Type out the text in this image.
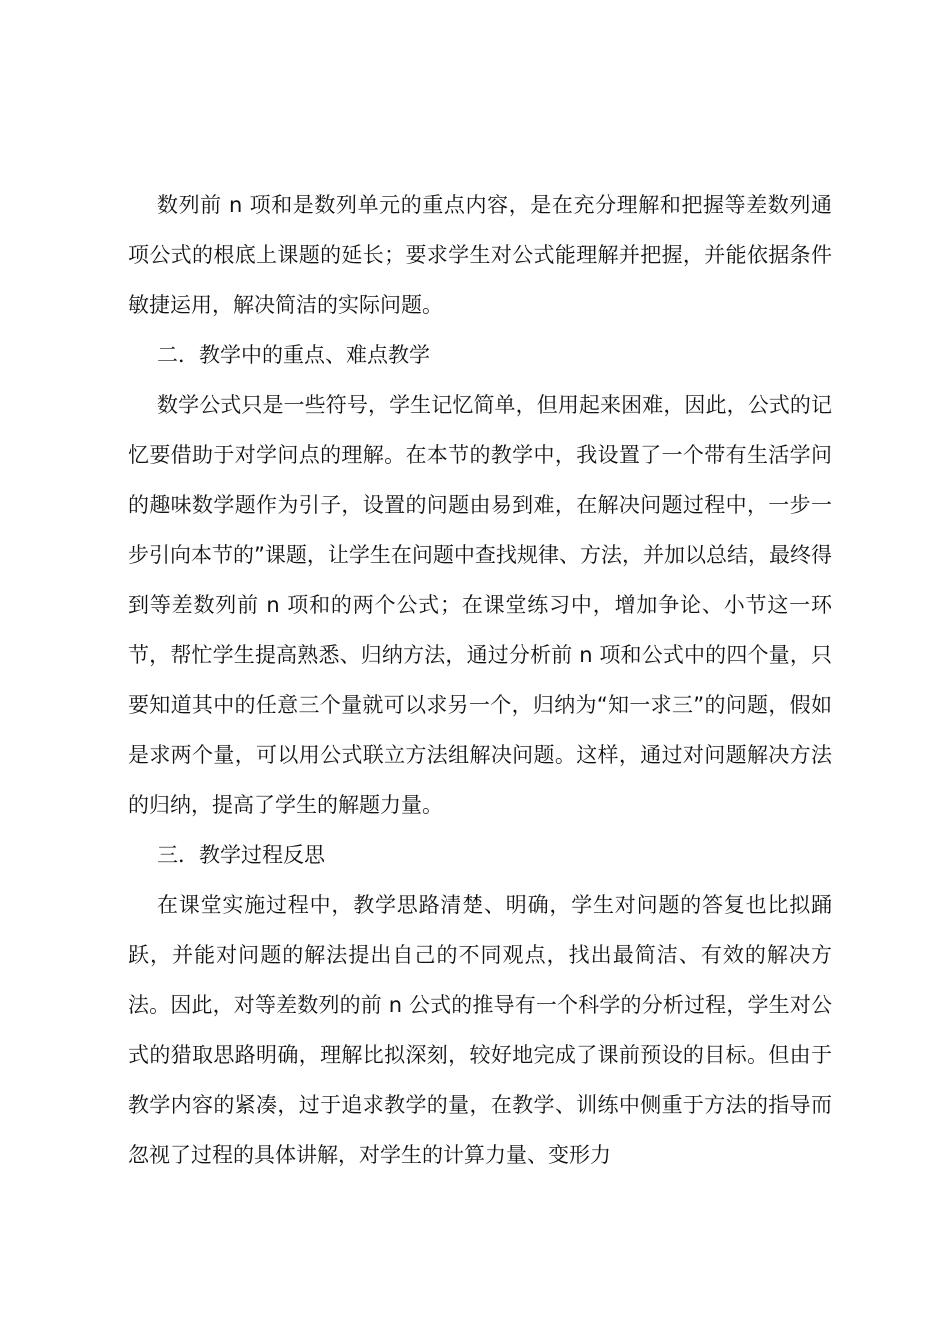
数列前 n 项和是数列单元的重点内容，是在充分理解和把握等差数列通项公式的根底上课题的延长；要求学生对公式能理解并把握，并能依据条件敏捷运用，解决简洁的实际问题。

二．教学中的重点、难点教学

数学公式只是一些符号，学生记忆简单，但用起来困难，因此，公式的记忆要借助于对学问点的理解。在本节的教学中，我设置了一个带有生活学问的趣味数学题作为引子，设置的问题由易到难，在解决问题过程中，一步一步引向本节的”课题，让学生在问题中查找规律、方法，并加以总结，最终得到等差数列前 n 项和的两个公式；在课堂练习中，增加争论、小节这一环节，帮忙学生提高熟悉、归纳方法，通过分析前 n 项和公式中的四个量，只要知道其中的任意三个量就可以求另一个，归纳为“知一求三”的问题，假如是求两个量，可以用公式联立方法组解决问题。这样，通过对问题解决方法的归纳，提高了学生的解题力量。

三．教学过程反思

在课堂实施过程中，教学思路清楚、明确，学生对问题的答复也比拟踊跃，并能对问题的解法提出自己的不同观点，找出最简洁、有效的解决方法。因此，对等差数列的前 n 公式的推导有一个科学的分析过程，学生对公式的猎取思路明确，理解比拟深刻，较好地完成了课前预设的目标。但由于教学内容的紧凑，过于追求教学的量，在教学、训练中侧重于方法的指导而忽视了过程的具体讲解，对学生的计算力量、变形力
